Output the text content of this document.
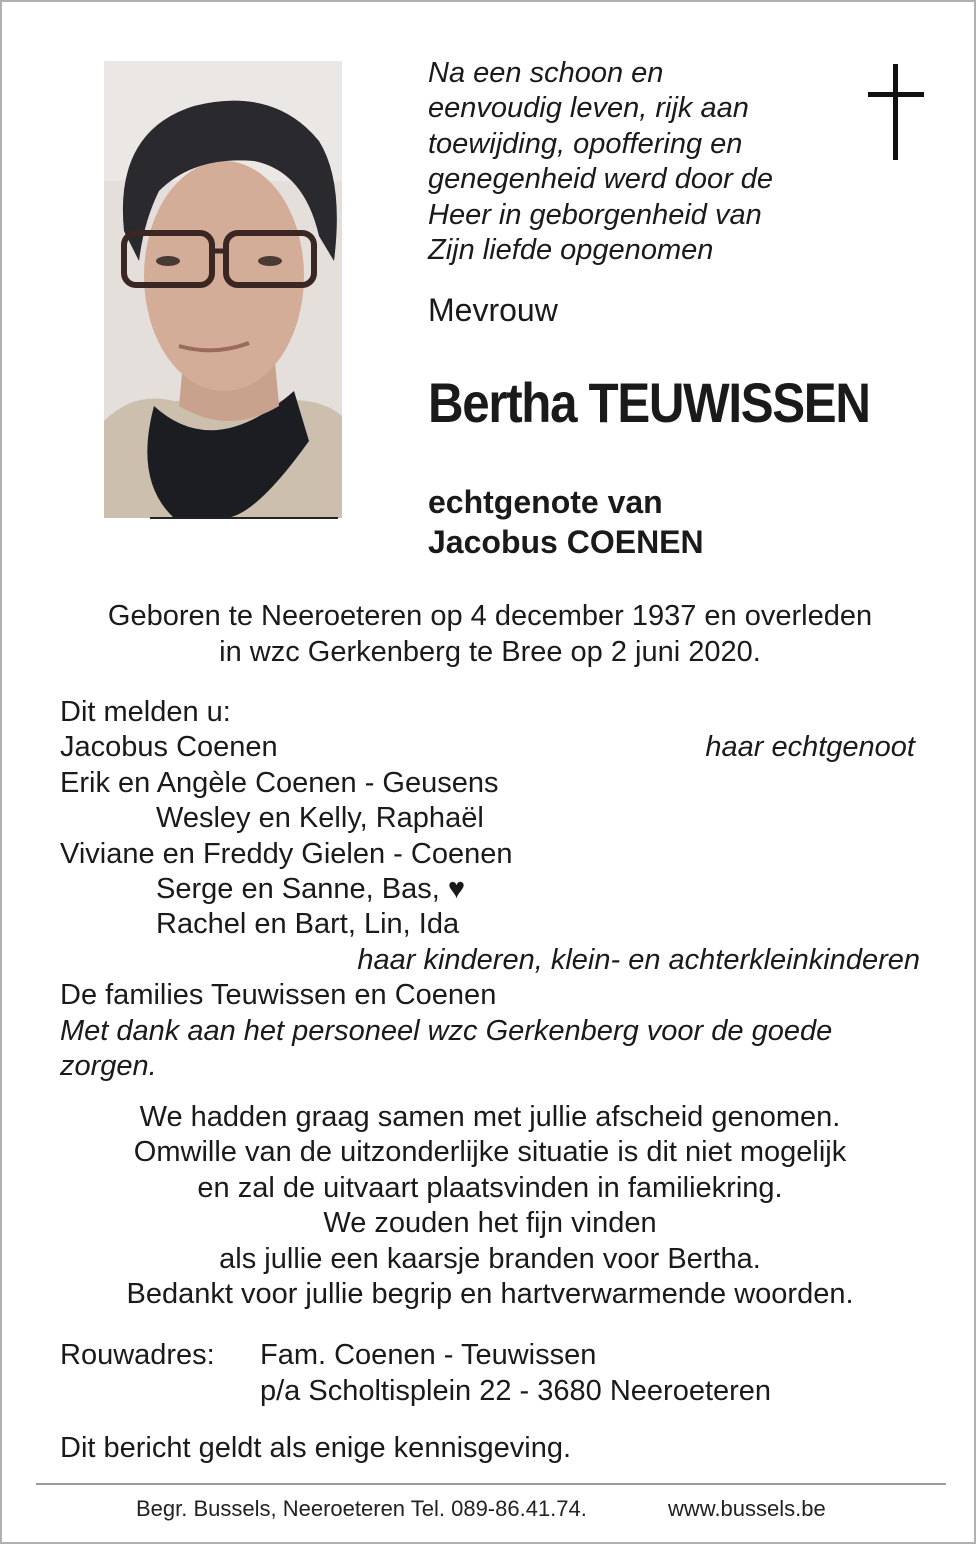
Na een schoon en
eenvoudig leven, rijk aan
toewijding, opoffering en
genegenheid werd door de
Heer in geborgenheid van
Zijn liefde opgenomen
Mevrouw
Bertha TEUWISSEN
echtgenote van
Jacobus COENEN
Geboren te Neeroeteren op 4 december 1937 en overleden
in wzc Gerkenberg te Bree op 2 juni 2020.
Dit melden u:
Jacobus Coenen	haar echtgenoot
Erik en Angèle Coenen - Geusens
Wesley en Kelly, Raphaël
Viviane en Freddy Gielen - Coenen
Serge en Sanne, Bas, ♥
Rachel en Bart, Lin, Ida
haar kinderen, klein- en achterkleinkinderen
De families Teuwissen en Coenen
Met dank aan het personeel wzc Gerkenberg voor de goede
zorgen.
We hadden graag samen met jullie afscheid genomen.
Omwille van de uitzonderlijke situatie is dit niet mogelijk
en zal de uitvaart plaatsvinden in familiekring.
We zouden het fijn vinden
als jullie een kaarsje branden voor Bertha.
Bedankt voor jullie begrip en hartverwarmende woorden.
Rouwadres: Fam. Coenen - Teuwissen
p/a Scholtisplein 22 - 3680 Neeroeteren
Dit bericht geldt als enige kennisgeving.
Begr. Bussels, Neeroeteren Tel. 089-86.41.74.	www.bussels.be
